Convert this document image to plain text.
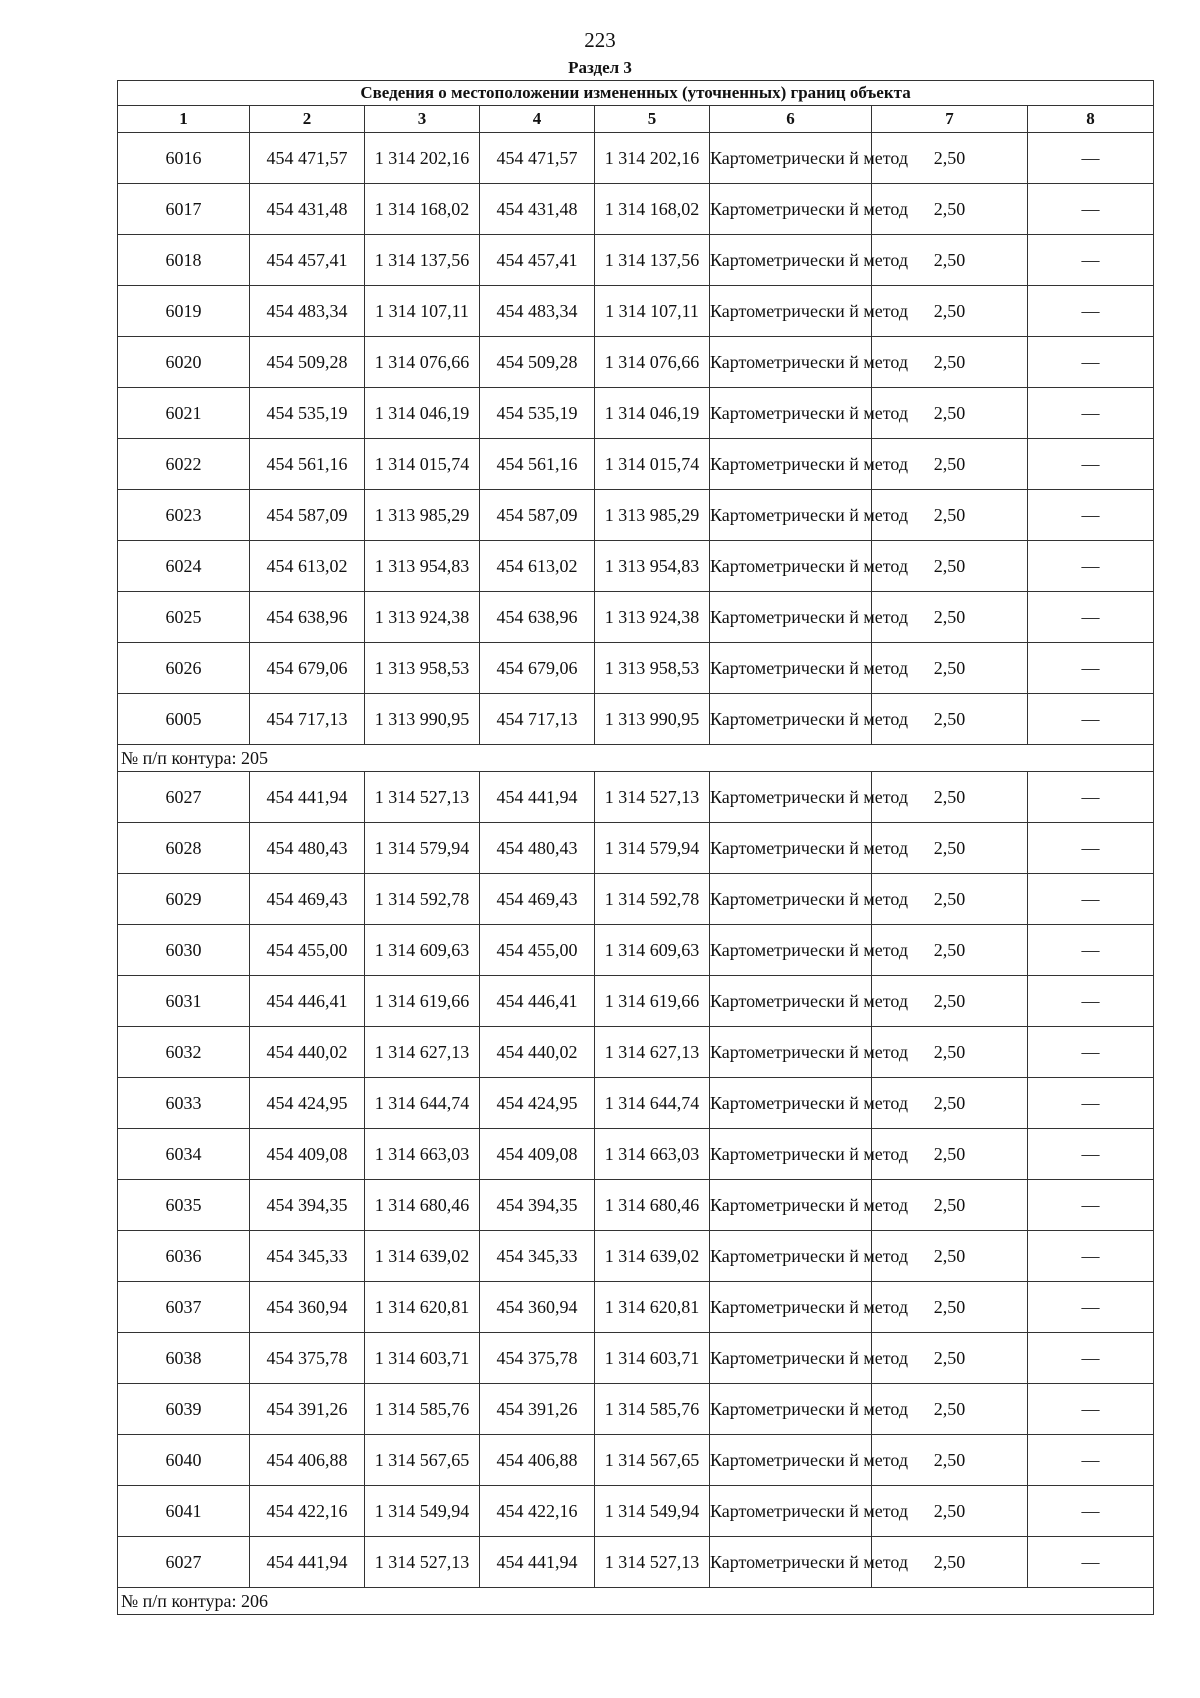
223
Раздел 3
Сведения о местоположении измененных (уточненных) границ объекта							
1	2	3	4	5	6	7	8
6016	454 471,57	1 314 202,16	454 471,57	1 314 202,16	Картометрически й метод	2,50	—
6017	454 431,48	1 314 168,02	454 431,48	1 314 168,02	Картометрически й метод	2,50	—
6018	454 457,41	1 314 137,56	454 457,41	1 314 137,56	Картометрически й метод	2,50	—
6019	454 483,34	1 314 107,11	454 483,34	1 314 107,11	Картометрически й метод	2,50	—
6020	454 509,28	1 314 076,66	454 509,28	1 314 076,66	Картометрически й метод	2,50	—
6021	454 535,19	1 314 046,19	454 535,19	1 314 046,19	Картометрически й метод	2,50	—
6022	454 561,16	1 314 015,74	454 561,16	1 314 015,74	Картометрически й метод	2,50	—
6023	454 587,09	1 313 985,29	454 587,09	1 313 985,29	Картометрически й метод	2,50	—
6024	454 613,02	1 313 954,83	454 613,02	1 313 954,83	Картометрически й метод	2,50	—
6025	454 638,96	1 313 924,38	454 638,96	1 313 924,38	Картометрически й метод	2,50	—
6026	454 679,06	1 313 958,53	454 679,06	1 313 958,53	Картометрически й метод	2,50	—
6005	454 717,13	1 313 990,95	454 717,13	1 313 990,95	Картометрически й метод	2,50	—
№ п/п контура: 205							
6027	454 441,94	1 314 527,13	454 441,94	1 314 527,13	Картометрически й метод	2,50	—
6028	454 480,43	1 314 579,94	454 480,43	1 314 579,94	Картометрически й метод	2,50	—
6029	454 469,43	1 314 592,78	454 469,43	1 314 592,78	Картометрически й метод	2,50	—
6030	454 455,00	1 314 609,63	454 455,00	1 314 609,63	Картометрически й метод	2,50	—
6031	454 446,41	1 314 619,66	454 446,41	1 314 619,66	Картометрически й метод	2,50	—
6032	454 440,02	1 314 627,13	454 440,02	1 314 627,13	Картометрически й метод	2,50	—
6033	454 424,95	1 314 644,74	454 424,95	1 314 644,74	Картометрически й метод	2,50	—
6034	454 409,08	1 314 663,03	454 409,08	1 314 663,03	Картометрически й метод	2,50	—
6035	454 394,35	1 314 680,46	454 394,35	1 314 680,46	Картометрически й метод	2,50	—
6036	454 345,33	1 314 639,02	454 345,33	1 314 639,02	Картометрически й метод	2,50	—
6037	454 360,94	1 314 620,81	454 360,94	1 314 620,81	Картометрически й метод	2,50	—
6038	454 375,78	1 314 603,71	454 375,78	1 314 603,71	Картометрически й метод	2,50	—
6039	454 391,26	1 314 585,76	454 391,26	1 314 585,76	Картометрически й метод	2,50	—
6040	454 406,88	1 314 567,65	454 406,88	1 314 567,65	Картометрически й метод	2,50	—
6041	454 422,16	1 314 549,94	454 422,16	1 314 549,94	Картометрически й метод	2,50	—
6027	454 441,94	1 314 527,13	454 441,94	1 314 527,13	Картометрически й метод	2,50	—
№ п/п контура: 206							
